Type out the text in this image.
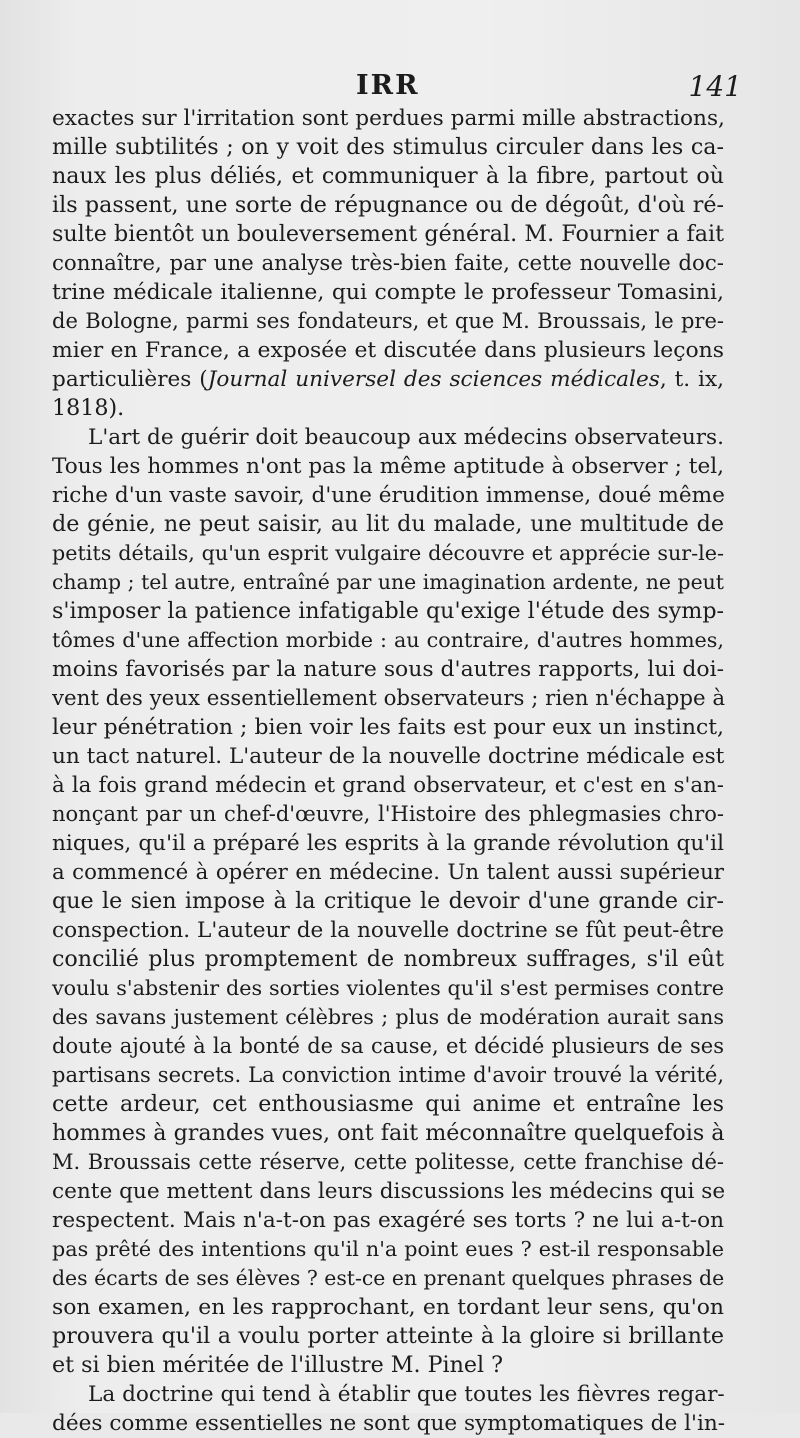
IRR	141
exactes sur l'irritation sont perdues parmi mille abstractions,
mille subtilités ; on y voit des stimulus circuler dans les ca-
naux les plus déliés, et communiquer à la fibre, partout où
ils passent, une sorte de répugnance ou de dégoût, d'où ré-
sulte bientôt un bouleversement général. M. Fournier a fait
connaître, par une analyse très-bien faite, cette nouvelle doc-
trine médicale italienne, qui compte le professeur Tomasini,
de Bologne, parmi ses fondateurs, et que M. Broussais, le pre-
mier en France, a exposée et discutée dans plusieurs leçons
particulières (Journal universel des sciences médicales, t. ix,
1818).
L'art de guérir doit beaucoup aux médecins observateurs.
Tous les hommes n'ont pas la même aptitude à observer ; tel,
riche d'un vaste savoir, d'une érudition immense, doué même
de génie, ne peut saisir, au lit du malade, une multitude de
petits détails, qu'un esprit vulgaire découvre et apprécie sur-le-
champ ; tel autre, entraîné par une imagination ardente, ne peut
s'imposer la patience infatigable qu'exige l'étude des symp-
tômes d'une affection morbide : au contraire, d'autres hommes,
moins favorisés par la nature sous d'autres rapports, lui doi-
vent des yeux essentiellement observateurs ; rien n'échappe à
leur pénétration ; bien voir les faits est pour eux un instinct,
un tact naturel. L'auteur de la nouvelle doctrine médicale est
à la fois grand médecin et grand observateur, et c'est en s'an-
nonçant par un chef-d'œuvre, l'Histoire des phlegmasies chro-
niques, qu'il a préparé les esprits à la grande révolution qu'il
a commencé à opérer en médecine. Un talent aussi supérieur
que le sien impose à la critique le devoir d'une grande cir-
conspection. L'auteur de la nouvelle doctrine se fût peut-être
concilié plus promptement de nombreux suffrages, s'il eût
voulu s'abstenir des sorties violentes qu'il s'est permises contre
des savans justement célèbres ; plus de modération aurait sans
doute ajouté à la bonté de sa cause, et décidé plusieurs de ses
partisans secrets. La conviction intime d'avoir trouvé la vérité,
cette ardeur, cet enthousiasme qui anime et entraîne les
hommes à grandes vues, ont fait méconnaître quelquefois à
M. Broussais cette réserve, cette politesse, cette franchise dé-
cente que mettent dans leurs discussions les médecins qui se
respectent. Mais n'a-t-on pas exagéré ses torts ? ne lui a-t-on
pas prêté des intentions qu'il n'a point eues ? est-il responsable
des écarts de ses élèves ? est-ce en prenant quelques phrases de
son examen, en les rapprochant, en tordant leur sens, qu'on
prouvera qu'il a voulu porter atteinte à la gloire si brillante
et si bien méritée de l'illustre M. Pinel ?
La doctrine qui tend à établir que toutes les fièvres regar-
dées comme essentielles ne sont que symptomatiques de l'in-
